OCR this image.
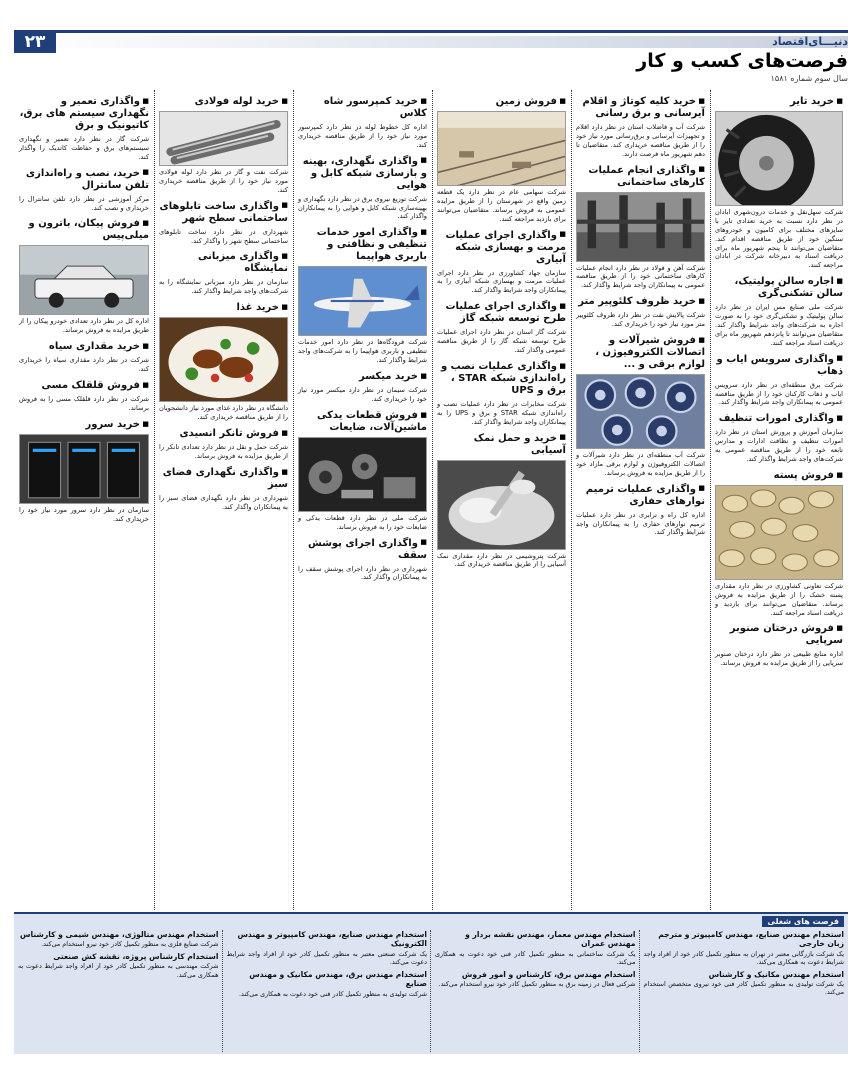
۲۳	دنیـــای‌اقتصاد
فرصت‌های کسب و کار
سال سوم شماره ۱۵۸۱
■ خرید تایر

شرکت سهل‌نقل و خدمات درون‌شهری ابادان در نظر دارد نسبت به خرید تعدادی تایر با سایزهای مختلف برای کامیون و خودروهای سنگین خود از طریق مناقصه اقدام کند. متقاضیان می‌توانند تا پنجم شهریور ماه برای دریافت اسناد به دبیرخانه شرکت در ابادان مراجعه کنند.

■ اجاره سالن پولیتیک، سالن تشکنی‌گری

شرکت ملی صنایع مس ایران در نظر دارد سالن پولیتیک و تشکنی‌گری خود را به صورت اجاره به شرکت‌های واجد شرایط واگذار کند. متقاضیان می‌توانند تا پانزدهم شهریور ماه برای دریافت اسناد مراجعه کنند.

■ واگذاری سرویس ایاب و ذهاب

شرکت برق منطقه‌ای در نظر دارد سرویس ایاب و ذهاب کارکنان خود را از طریق مناقصه عمومی به پیمانکاران واجد شرایط واگذار کند.

■ واگذاری امورات تنظیف

سازمان آموزش و پرورش استان در نظر دارد امورات تنظیف و نظافت ادارات و مدارس تابعه خود را از طریق مناقصه عمومی به شرکت‌های واجد شرایط واگذار کند.

■ فروش پسته

شرکت تعاونی کشاورزی در نظر دارد مقداری پسته خشک را از طریق مزایده به فروش برساند. متقاضیان می‌توانند برای بازدید و دریافت اسناد مراجعه کنند.

■ فروش درختان صنوبر سرپایی

اداره منابع طبیعی در نظر دارد درختان صنوبر سرپایی را از طریق مزایده به فروش برساند.

■ خرید کلیه کوتاژ و اقلام آیرسانی و برق رسانی

شرکت آب و فاضلاب استان در نظر دارد اقلام و تجهیزات آیرسانی و برق‌رسانی مورد نیاز خود را از طریق مناقصه خریداری کند. متقاضیان تا دهم شهریور ماه فرصت دارند.

■ واگذاری انجام عملیات کارهای ساختمانی

شرکت آهن و فولاد در نظر دارد انجام عملیات کارهای ساختمانی خود را از طریق مناقصه عمومی به پیمانکاران واجد شرایط واگذار کند.

■ خرید ظروف کلئوپیر متر

شرکت پالایش نفت در نظر دارد ظروف کلئوپیر متر مورد نیاز خود را خریداری کند.

■ فروش شیرآلات و اتصالات الکتروفیوژن ، لوازم برقی و ...

شرکت آب منطقه‌ای در نظر دارد شیرآلات و اتصالات الکتروفیوژن و لوازم برقی مازاد خود را از طریق مزایده به فروش برساند.

■ واگذاری عملیات ترمیم نوارهای حفاری

اداره کل راه و ترابری در نظر دارد عملیات ترمیم نوارهای حفاری را به پیمانکاران واجد شرایط واگذار کند.

■ فروش زمین

شرکت سهامی عام در نظر دارد یک قطعه زمین واقع در شهرستان را از طریق مزایده عمومی به فروش برساند. متقاضیان می‌توانند برای بازدید مراجعه کنند.

■ واگذاری اجرای عملیات مرمت و بهسازی شبکه آبیاری

سازمان جهاد کشاورزی در نظر دارد اجرای عملیات مرمت و بهسازی شبکه آبیاری را به پیمانکاران واجد شرایط واگذار کند.

■ واگذاری اجرای عملیات طرح توسعه شبکه گاز

شرکت گاز استان در نظر دارد اجرای عملیات طرح توسعه شبکه گاز را از طریق مناقصه عمومی واگذار کند.

■ واگذاری عملیات نصب و راه‌اندازی شبکه STAR ، برق و UPS

شرکت مخابرات در نظر دارد عملیات نصب و راه‌اندازی شبکه STAR و برق و UPS را به پیمانکاران واجد شرایط واگذار کند.

■ خرید و حمل نمک آسیابی

شرکت پتروشیمی در نظر دارد مقداری نمک آسیابی را از طریق مناقصه خریداری کند.

■ خرید کمپرسور شاه کلاس

اداره کل خطوط لوله در نظر دارد کمپرسور مورد نیاز خود را از طریق مناقصه خریداری کند.

■ واگذاری نگهداری، بهینه و بازسازی شبکه کابل و هوایی

شرکت توزیع نیروی برق در نظر دارد نگهداری و بهینه‌سازی شبکه کابل و هوایی را به پیمانکاران واگذار کند.

■ واگذاری امور خدمات تنظیفی و نظافتی و باربری هواپیما

شرکت فرودگاه‌ها در نظر دارد امور خدمات تنظیفی و باربری هواپیما را به شرکت‌های واجد شرایط واگذار کند.

■ خرید میکسر

شرکت سیمان در نظر دارد میکسر مورد نیاز خود را خریداری کند.

■ فروش قطعات یدکی ماشین‌آلات، ضایعات

شرکت ملی در نظر دارد قطعات یدکی و ضایعات خود را به فروش برساند.

■ واگذاری اجرای پوشش سقف

شهرداری در نظر دارد اجرای پوشش سقف را به پیمانکاران واگذار کند.

■ خرید لوله فولادی

شرکت نفت و گاز در نظر دارد لوله فولادی مورد نیاز خود را از طریق مناقصه خریداری کند.

■ واگذاری ساخت تابلوهای ساختمانی سطح شهر

شهرداری در نظر دارد ساخت تابلوهای ساختمانی سطح شهر را واگذار کند.

■ واگذاری میزبانی نمایشگاه

سازمان در نظر دارد میزبانی نمایشگاه را به شرکت‌های واجد شرایط واگذار کند.

■ خرید غذا

دانشگاه در نظر دارد غذای مورد نیاز دانشجویان را از طریق مناقصه خریداری کند.

■ فروش تانکر انسیدی

شرکت حمل و نقل در نظر دارد تعدادی تانکر را از طریق مزایده به فروش برساند.

■ واگذاری نگهداری فضای سبز

شهرداری در نظر دارد نگهداری فضای سبز را به پیمانکاران واگذار کند.

■ واگذاری تعمیر و نگهداری سیستم های برق، کاتیونیک و برق

شرکت گاز در نظر دارد تعمیر و نگهداری سیستم‌های برق و حفاظت کاتدیک را واگذار کند.

■ خرید، نصب و راه‌اندازی تلفن سانترال

مرکز آموزشی در نظر دارد تلفن سانترال را خریداری و نصب کند.

■ فروش پیکان، باترون و میلی‌پیس

اداره کل در نظر دارد تعدادی خودرو پیکان را از طریق مزایده به فروش برساند.

■ خرید مقداری سیاه

شرکت در نظر دارد مقداری سیاه را خریداری کند.

■ فروش قلقلک مسی

شرکت در نظر دارد قلقلک مسی را به فروش برساند.

■ خرید سرور

سازمان در نظر دارد سرور مورد نیاز خود را خریداری کند.

فرصت های شغلی
استخدام مهندس صنایع، مهندس کامپیوتر و مترجم زبان خارجی

یک شرکت بازرگانی معتبر در تهران به منظور تکمیل کادر خود از افراد واجد شرایط دعوت به همکاری می‌کند.

استخدام مهندس مکانیک و کارشناس

یک شرکت تولیدی به منظور تکمیل کادر فنی خود نیروی متخصص استخدام می‌کند.

استخدام مهندس معمار، مهندس نقشه بردار و مهندس عمران

یک شرکت ساختمانی به منظور تکمیل کادر فنی خود دعوت به همکاری می‌کند.

استخدام مهندس برق، کارشناس و امور فروش

شرکتی فعال در زمینه برق به منظور تکمیل کادر خود نیرو استخدام می‌کند.

استخدام مهندس صنایع، مهندس کامپیوتر و مهندس الکترونیک

یک شرکت صنعتی معتبر به منظور تکمیل کادر خود از افراد واجد شرایط دعوت می‌کند.

استخدام مهندس برق، مهندس مکانیک و مهندس صنایع

شرکت تولیدی به منظور تکمیل کادر فنی خود دعوت به همکاری می‌کند.

استخدام مهندس متالوژی، مهندس شیمی و کارشناس

شرکت صنایع فلزی به منظور تکمیل کادر خود نیرو استخدام می‌کند.

استخدام کارشناس پروژه، نقشه کش صنعتی

شرکت مهندسی به منظور تکمیل کادر خود از افراد واجد شرایط دعوت به همکاری می‌کند.
